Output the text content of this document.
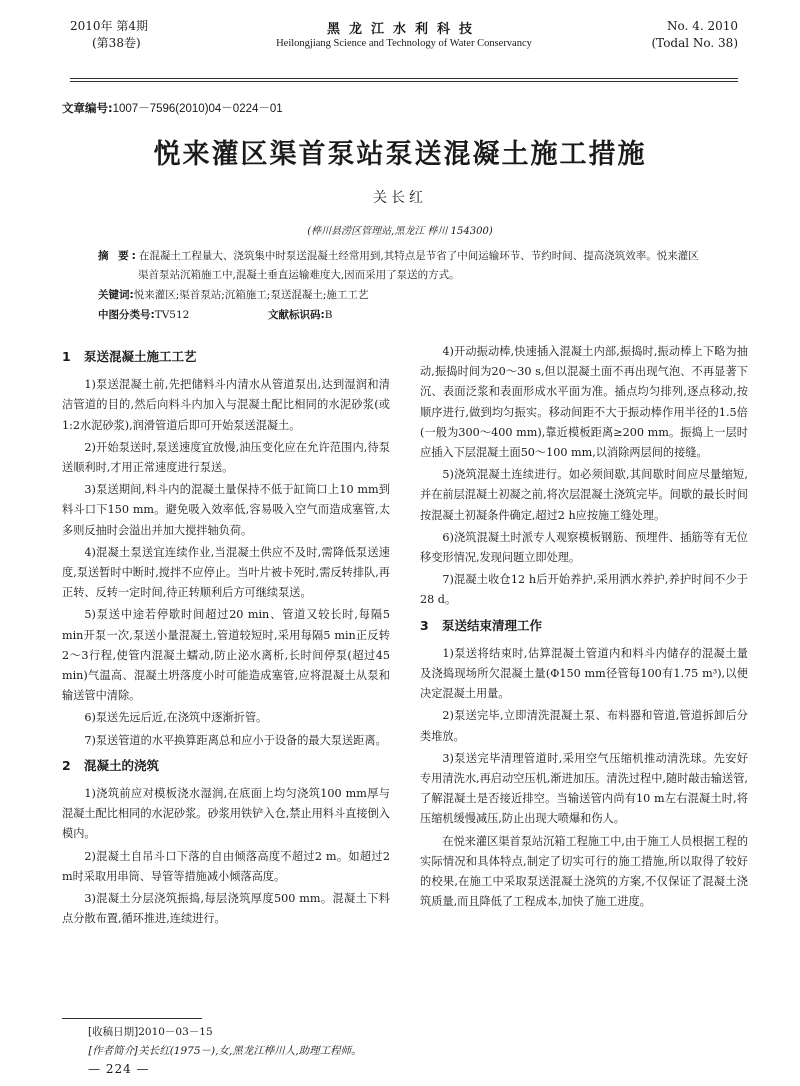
2010年 第4期
(第38卷)
黑龙江水利科技
Heilongjiang Science and Technology of Water Conservancy
No. 4. 2010
(Todal No. 38)
文章编号:1007－7596(2010)04－0224－01
悦来灌区渠首泵站泵送混凝土施工措施
关长红
(桦川县涝区管理站,黑龙江 桦川 154300)
摘 要:在混凝土工程量大、浇筑集中时泵送混凝土经常用到,其特点是节省了中间运输环节、节约时间、提高浇筑效率。悦来灌区
渠首泵站沉箱施工中,混凝土垂直运输难度大,因而采用了泵送的方式。
关键词:悦来灌区;渠首泵站;沉箱施工;泵送混凝土;施工工艺
中图分类号:TV512	文献标识码:B
1 泵送混凝土施工工艺

1)泵送混凝土前,先把储料斗内清水从管道泵出,达到湿润和清洁管道的目的,然后向料斗内加入与混凝土配比相同的水泥砂浆(或1:2水泥砂浆),润滑管道后即可开始泵送混凝土。

2)开始泵送时,泵送速度宜放慢,油压变化应在允许范围内,待泵送顺利时,才用正常速度进行泵送。

3)泵送期间,料斗内的混凝土量保持不低于缸筒口上10 mm到料斗口下150 mm。避免吸入效率低,容易吸入空气而造成塞管,太多则反抽时会溢出并加大搅拌轴负荷。

4)混凝土泵送宜连续作业,当混凝土供应不及时,需降低泵送速度,泵送暂时中断时,搅拌不应停止。当叶片被卡死时,需反转排队,再正转、反转一定时间,待正转顺利后方可继续泵送。

5)泵送中途若停歇时间超过20 min、管道又较长时,每隔5 min开泵一次,泵送小量混凝土,管道较短时,采用每隔5 min正反转2～3行程,使管内混凝土蠕动,防止泌水离析,长时间停泵(超过45 min)气温高、混凝土坍落度小时可能造成塞管,应将混凝土从泵和输送管中清除。

6)泵送先远后近,在浇筑中逐渐折管。

7)泵送管道的水平换算距离总和应小于设备的最大泵送距离。

2 混凝土的浇筑

1)浇筑前应对模板浇水湿润,在底面上均匀浇筑100 mm厚与混凝土配比相同的水泥砂浆。砂浆用铁铲入仓,禁止用料斗直接倒入模内。

2)混凝土自吊斗口下落的自由倾落高度不超过2 m。如超过2 m时采取用串筒、导管等措施减小倾落高度。

3)混凝土分层浇筑振捣,每层浇筑厚度500 mm。混凝土下料点分散布置,循环推进,连续进行。

4)开动振动棒,快速插入混凝土内部,振捣时,振动棒上下略为抽动,振捣时间为20～30 s,但以混凝土面不再出现气泡、不再显著下沉、表面泛浆和表面形成水平面为准。插点均匀排列,逐点移动,按顺序进行,做到均匀振实。移动间距不大于振动棒作用半径的1.5倍(一般为300～400 mm),靠近模板距离≥200 mm。振捣上一层时应插入下层混凝土面50～100 mm,以消除两层间的接缝。

5)浇筑混凝土连续进行。如必须间歇,其间歇时间应尽量缩短,并在前层混凝土初凝之前,将次层混凝土浇筑完毕。间歇的最长时间按混凝土初凝条件确定,超过2 h应按施工缝处理。

6)浇筑混凝土时派专人观察模板钢筋、预埋件、插筋等有无位移变形情况,发现问题立即处理。

7)混凝土收仓12 h后开始养护,采用洒水养护,养护时间不少于28 d。

3 泵送结束清理工作

1)泵送将结束时,估算混凝土管道内和料斗内储存的混凝土量及浇捣现场所欠混凝土量(Φ150 mm径管每100有1.75 m³),以便决定混凝土用量。

2)泵送完毕,立即清洗混凝土泵、布料器和管道,管道拆卸后分类堆放。

3)泵送完毕清理管道时,采用空气压缩机推动清洗球。先安好专用清洗水,再启动空压机,渐进加压。清洗过程中,随时敲击输送管,了解混凝土是否接近排空。当输送管内尚有10 m左右混凝土时,将压缩机缓慢减压,防止出现大喷爆和伤人。

在悦来灌区渠首泵站沉箱工程施工中,由于施工人员根据工程的实际情况和具体特点,制定了切实可行的施工措施,所以取得了较好的校果,在施工中采取泵送混凝土浇筑的方案,不仅保证了混凝土浇筑质量,而且降低了工程成本,加快了施工进度。

[收稿日期]2010－03－15
[作者简介]关长红(1975－),女,黑龙江桦川人,助理工程师。
— 224 —
